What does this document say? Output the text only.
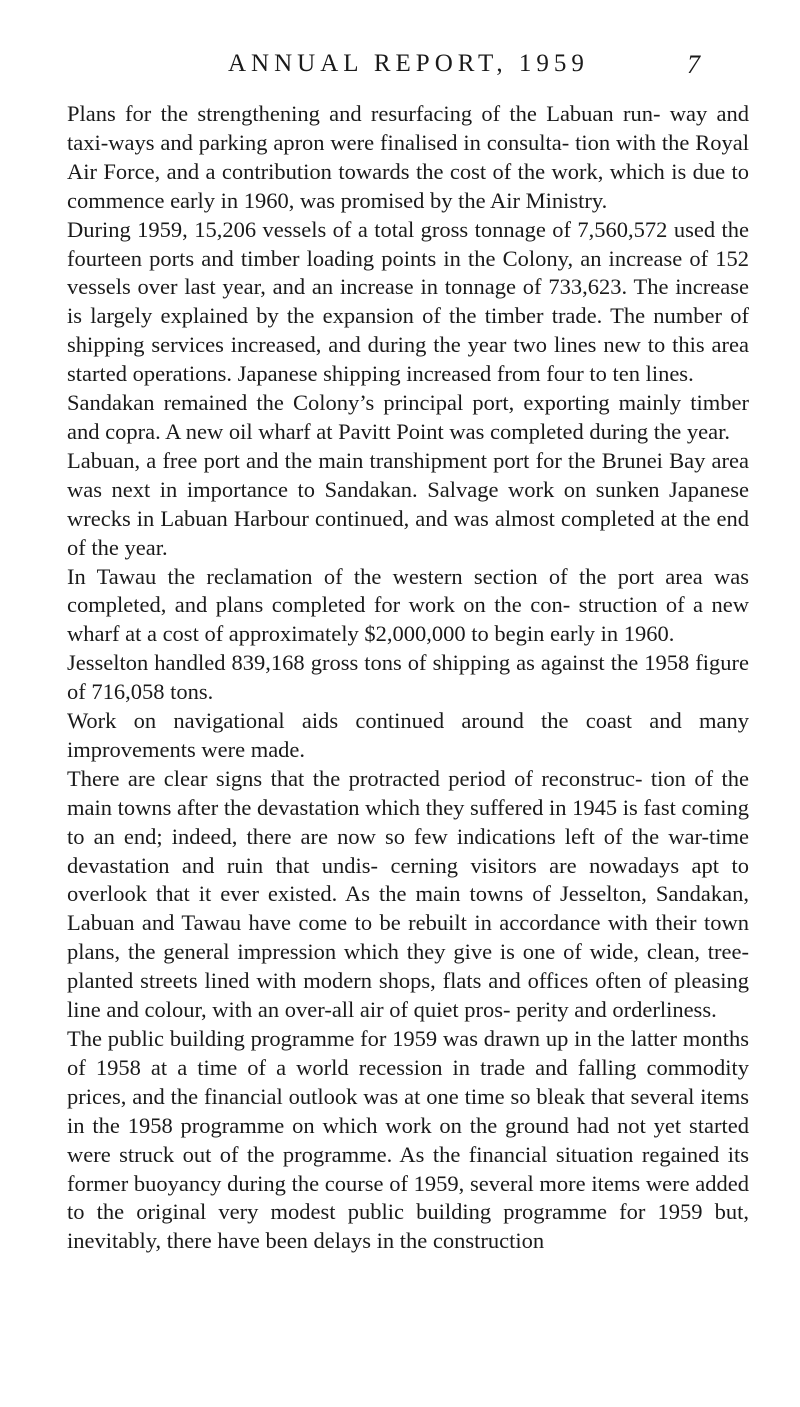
ANNUAL REPORT, 1959	7

Plans for the strengthening and resurfacing of the Labuan run- way and taxi-ways and parking apron were finalised in consulta- tion with the Royal Air Force, and a contribution towards the cost of the work, which is due to commence early in 1960, was promised by the Air Ministry.

During 1959, 15,206 vessels of a total gross tonnage of 7,560,572 used the fourteen ports and timber loading points in the Colony, an increase of 152 vessels over last year, and an increase in tonnage of 733,623. The increase is largely explained by the expansion of the timber trade. The number of shipping services increased, and during the year two lines new to this area started operations. Japanese shipping increased from four to ten lines.

Sandakan remained the Colony’s principal port, exporting mainly timber and copra. A new oil wharf at Pavitt Point was completed during the year.

Labuan, a free port and the main transhipment port for the Brunei Bay area was next in importance to Sandakan. Salvage work on sunken Japanese wrecks in Labuan Harbour continued, and was almost completed at the end of the year.

In Tawau the reclamation of the western section of the port area was completed, and plans completed for work on the con- struction of a new wharf at a cost of approximately $2,000,000 to begin early in 1960.

Jesselton handled 839,168 gross tons of shipping as against the 1958 figure of 716,058 tons.

Work on navigational aids continued around the coast and many improvements were made.

There are clear signs that the protracted period of reconstruc- tion of the main towns after the devastation which they suffered in 1945 is fast coming to an end; indeed, there are now so few indications left of the war-time devastation and ruin that undis- cerning visitors are nowadays apt to overlook that it ever existed. As the main towns of Jesselton, Sandakan, Labuan and Tawau have come to be rebuilt in accordance with their town plans, the general impression which they give is one of wide, clean, tree- planted streets lined with modern shops, flats and offices often of pleasing line and colour, with an over-all air of quiet pros- perity and orderliness.

The public building programme for 1959 was drawn up in the latter months of 1958 at a time of a world recession in trade and falling commodity prices, and the financial outlook was at one time so bleak that several items in the 1958 programme on which work on the ground had not yet started were struck out of the programme. As the financial situation regained its former buoyancy during the course of 1959, several more items were added to the original very modest public building programme for 1959 but, inevitably, there have been delays in the construction
